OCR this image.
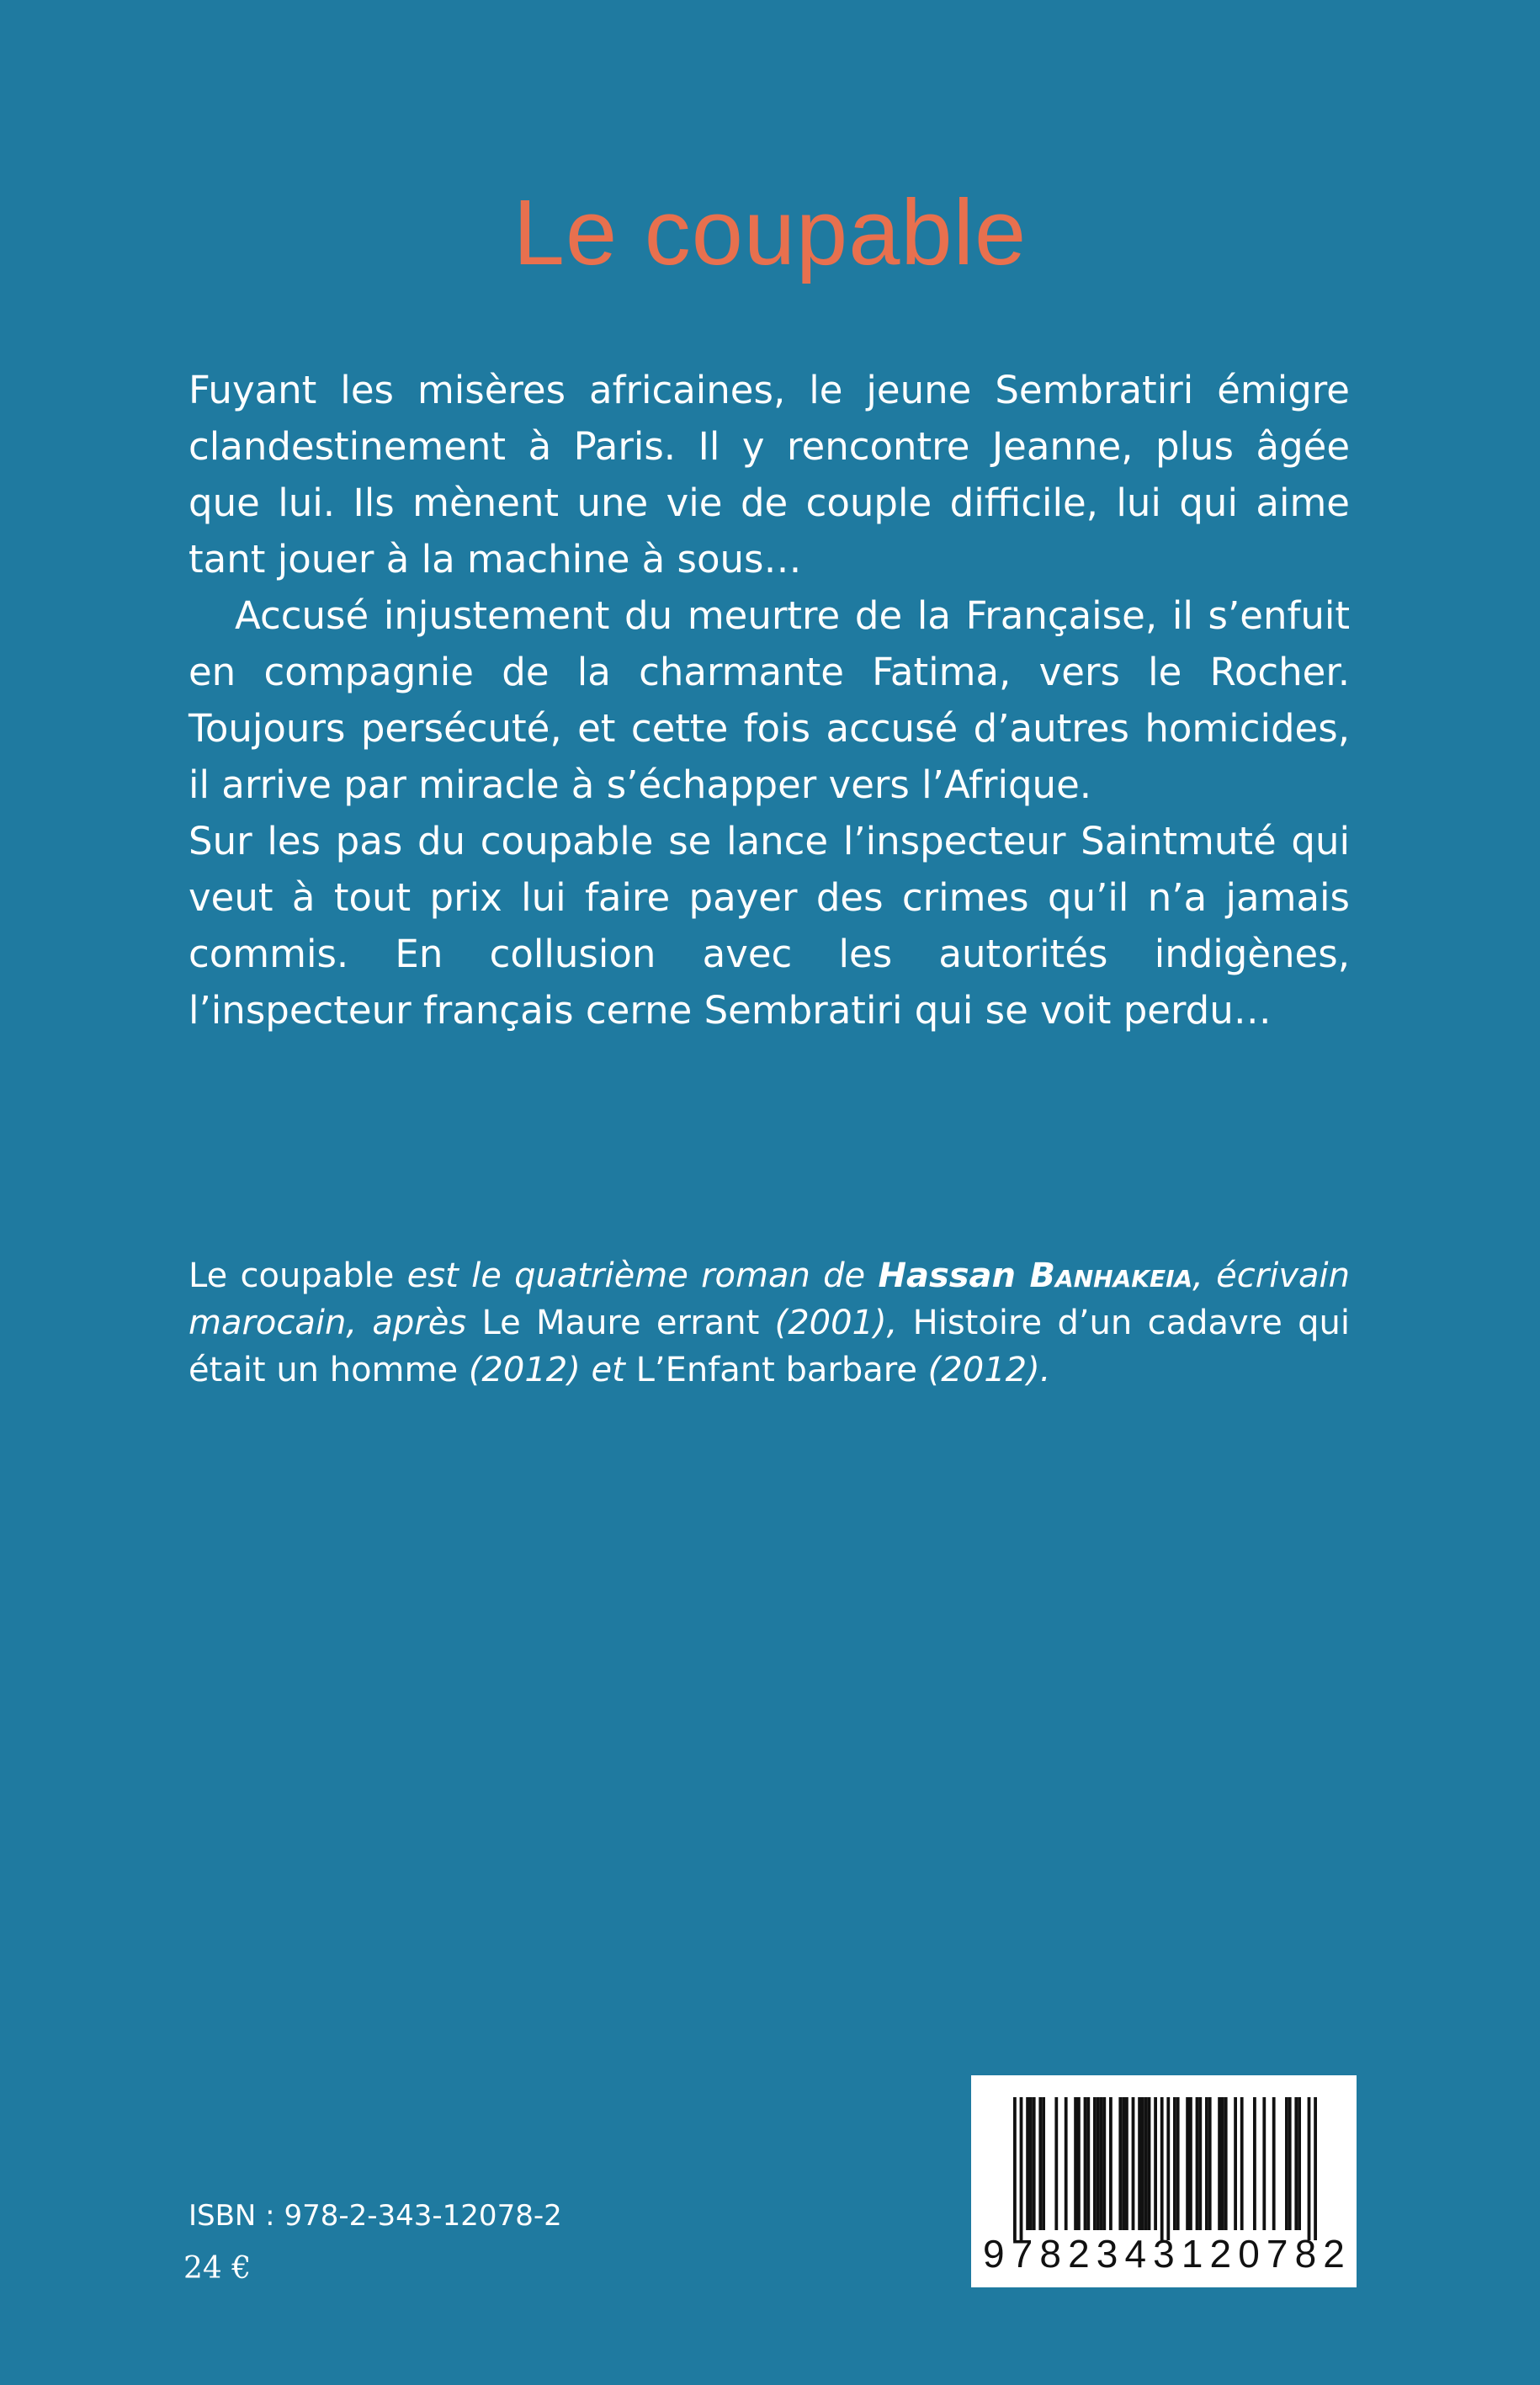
Le coupable

Fuyant les misères africaines, le jeune Sembratiri émigre clandestinement à Paris. Il y rencontre Jeanne, plus âgée que lui. Ils mènent une vie de couple difficile, lui qui aime tant jouer à la machine à sous…

Accusé injustement du meurtre de la Française, il s’enfuit en compagnie de la charmante Fatima, vers le Rocher. Toujours persécuté, et cette fois accusé d’autres homicides, il arrive par miracle à s’échapper vers l’Afrique.

Sur les pas du coupable se lance l’inspecteur Saintmuté qui veut à tout prix lui faire payer des crimes qu’il n’a jamais commis. En collusion avec les autorités indigènes, l’inspecteur français cerne Sembratiri qui se voit perdu…

Le coupable est le quatrième roman de Hassan Banhakeia, écrivain marocain, après Le Maure errant (2001), Histoire d’un cadavre qui était un homme (2012) et L’Enfant barbare (2012).

ISBN : 978-2-343-12078-2
24 €	9 7 8 2 3 4 3 1 2 0 7 8 2
